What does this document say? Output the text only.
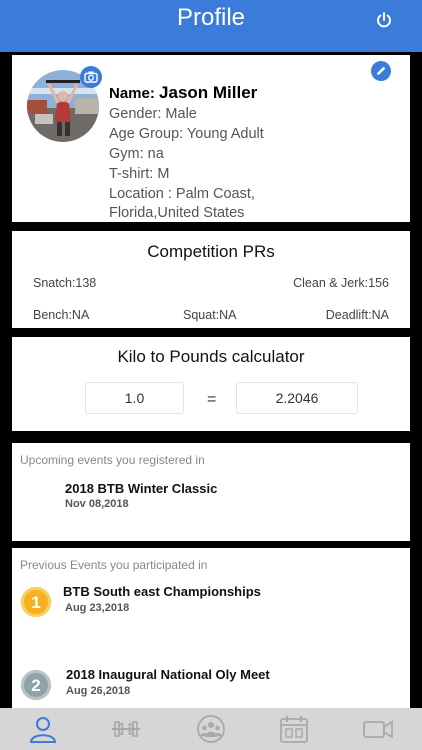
Profile
Name: Jason Miller
Gender: Male
Age Group: Young Adult
Gym: na
T-shirt: M
Location : Palm Coast,
Florida,United States
Competition PRs
Snatch:138	Clean & Jerk:156
Bench:NA	Squat:NA	Deadlift:NA
Kilo to Pounds calculator
1.0	=	2.2046
Upcoming events you registered in
2018 BTB Winter Classic
Nov 08,2018
Previous Events you participated in
1
BTB South east Championships
Aug 23,2018
2
2018 Inaugural National Oly Meet
Aug 26,2018
